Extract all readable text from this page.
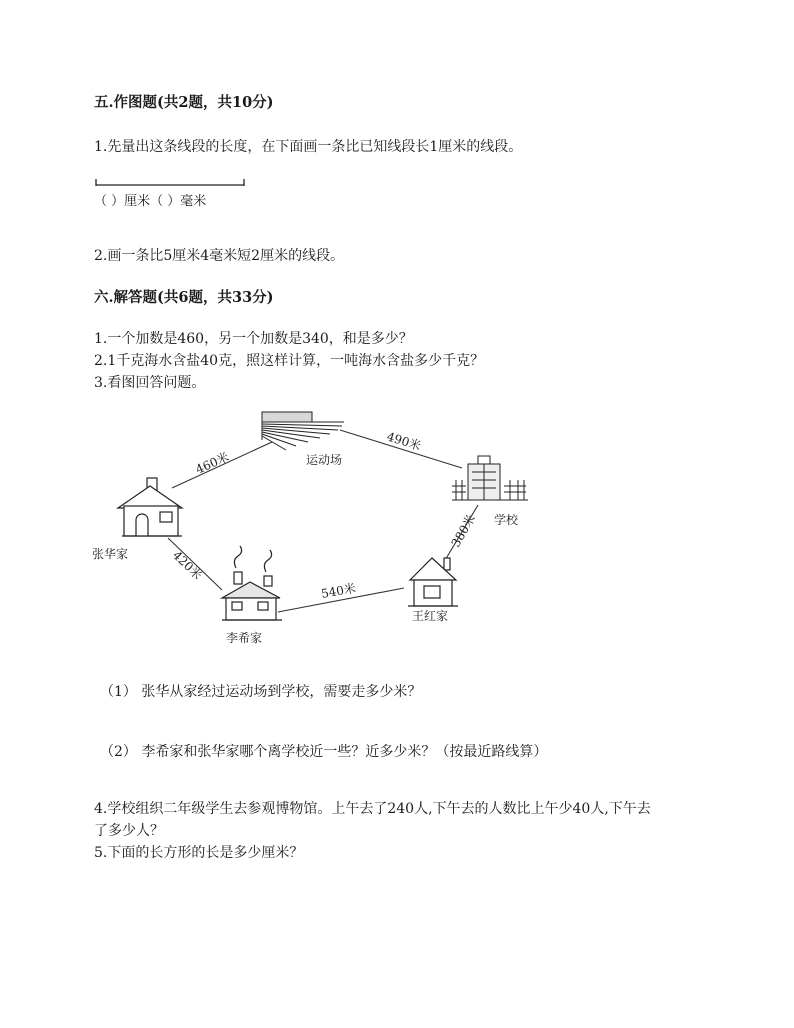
五.作图题(共2题，共10分)
1.先量出这条线段的长度，在下面画一条比已知线段长1厘米的线段。
（ ）厘米（ ）毫米
2.画一条比5厘米4毫米短2厘米的线段。
六.解答题(共6题，共33分)
1.一个加数是460，另一个加数是340，和是多少？
2.1千克海水含盐40克，照这样计算，一吨海水含盐多少千克？
3.看图回答问题。
运动场
学校
张华家
李希家
王红家
460米
490米
380米
540米
420米
（1） 张华从家经过运动场到学校，需要走多少米？
（2） 李希家和张华家哪个离学校近一些？近多少米？（按最近路线算）
4.学校组织二年级学生去参观博物馆。上午去了240人,下午去的人数比上午少40人,下午去
了多少人？
5.下面的长方形的长是多少厘米？
